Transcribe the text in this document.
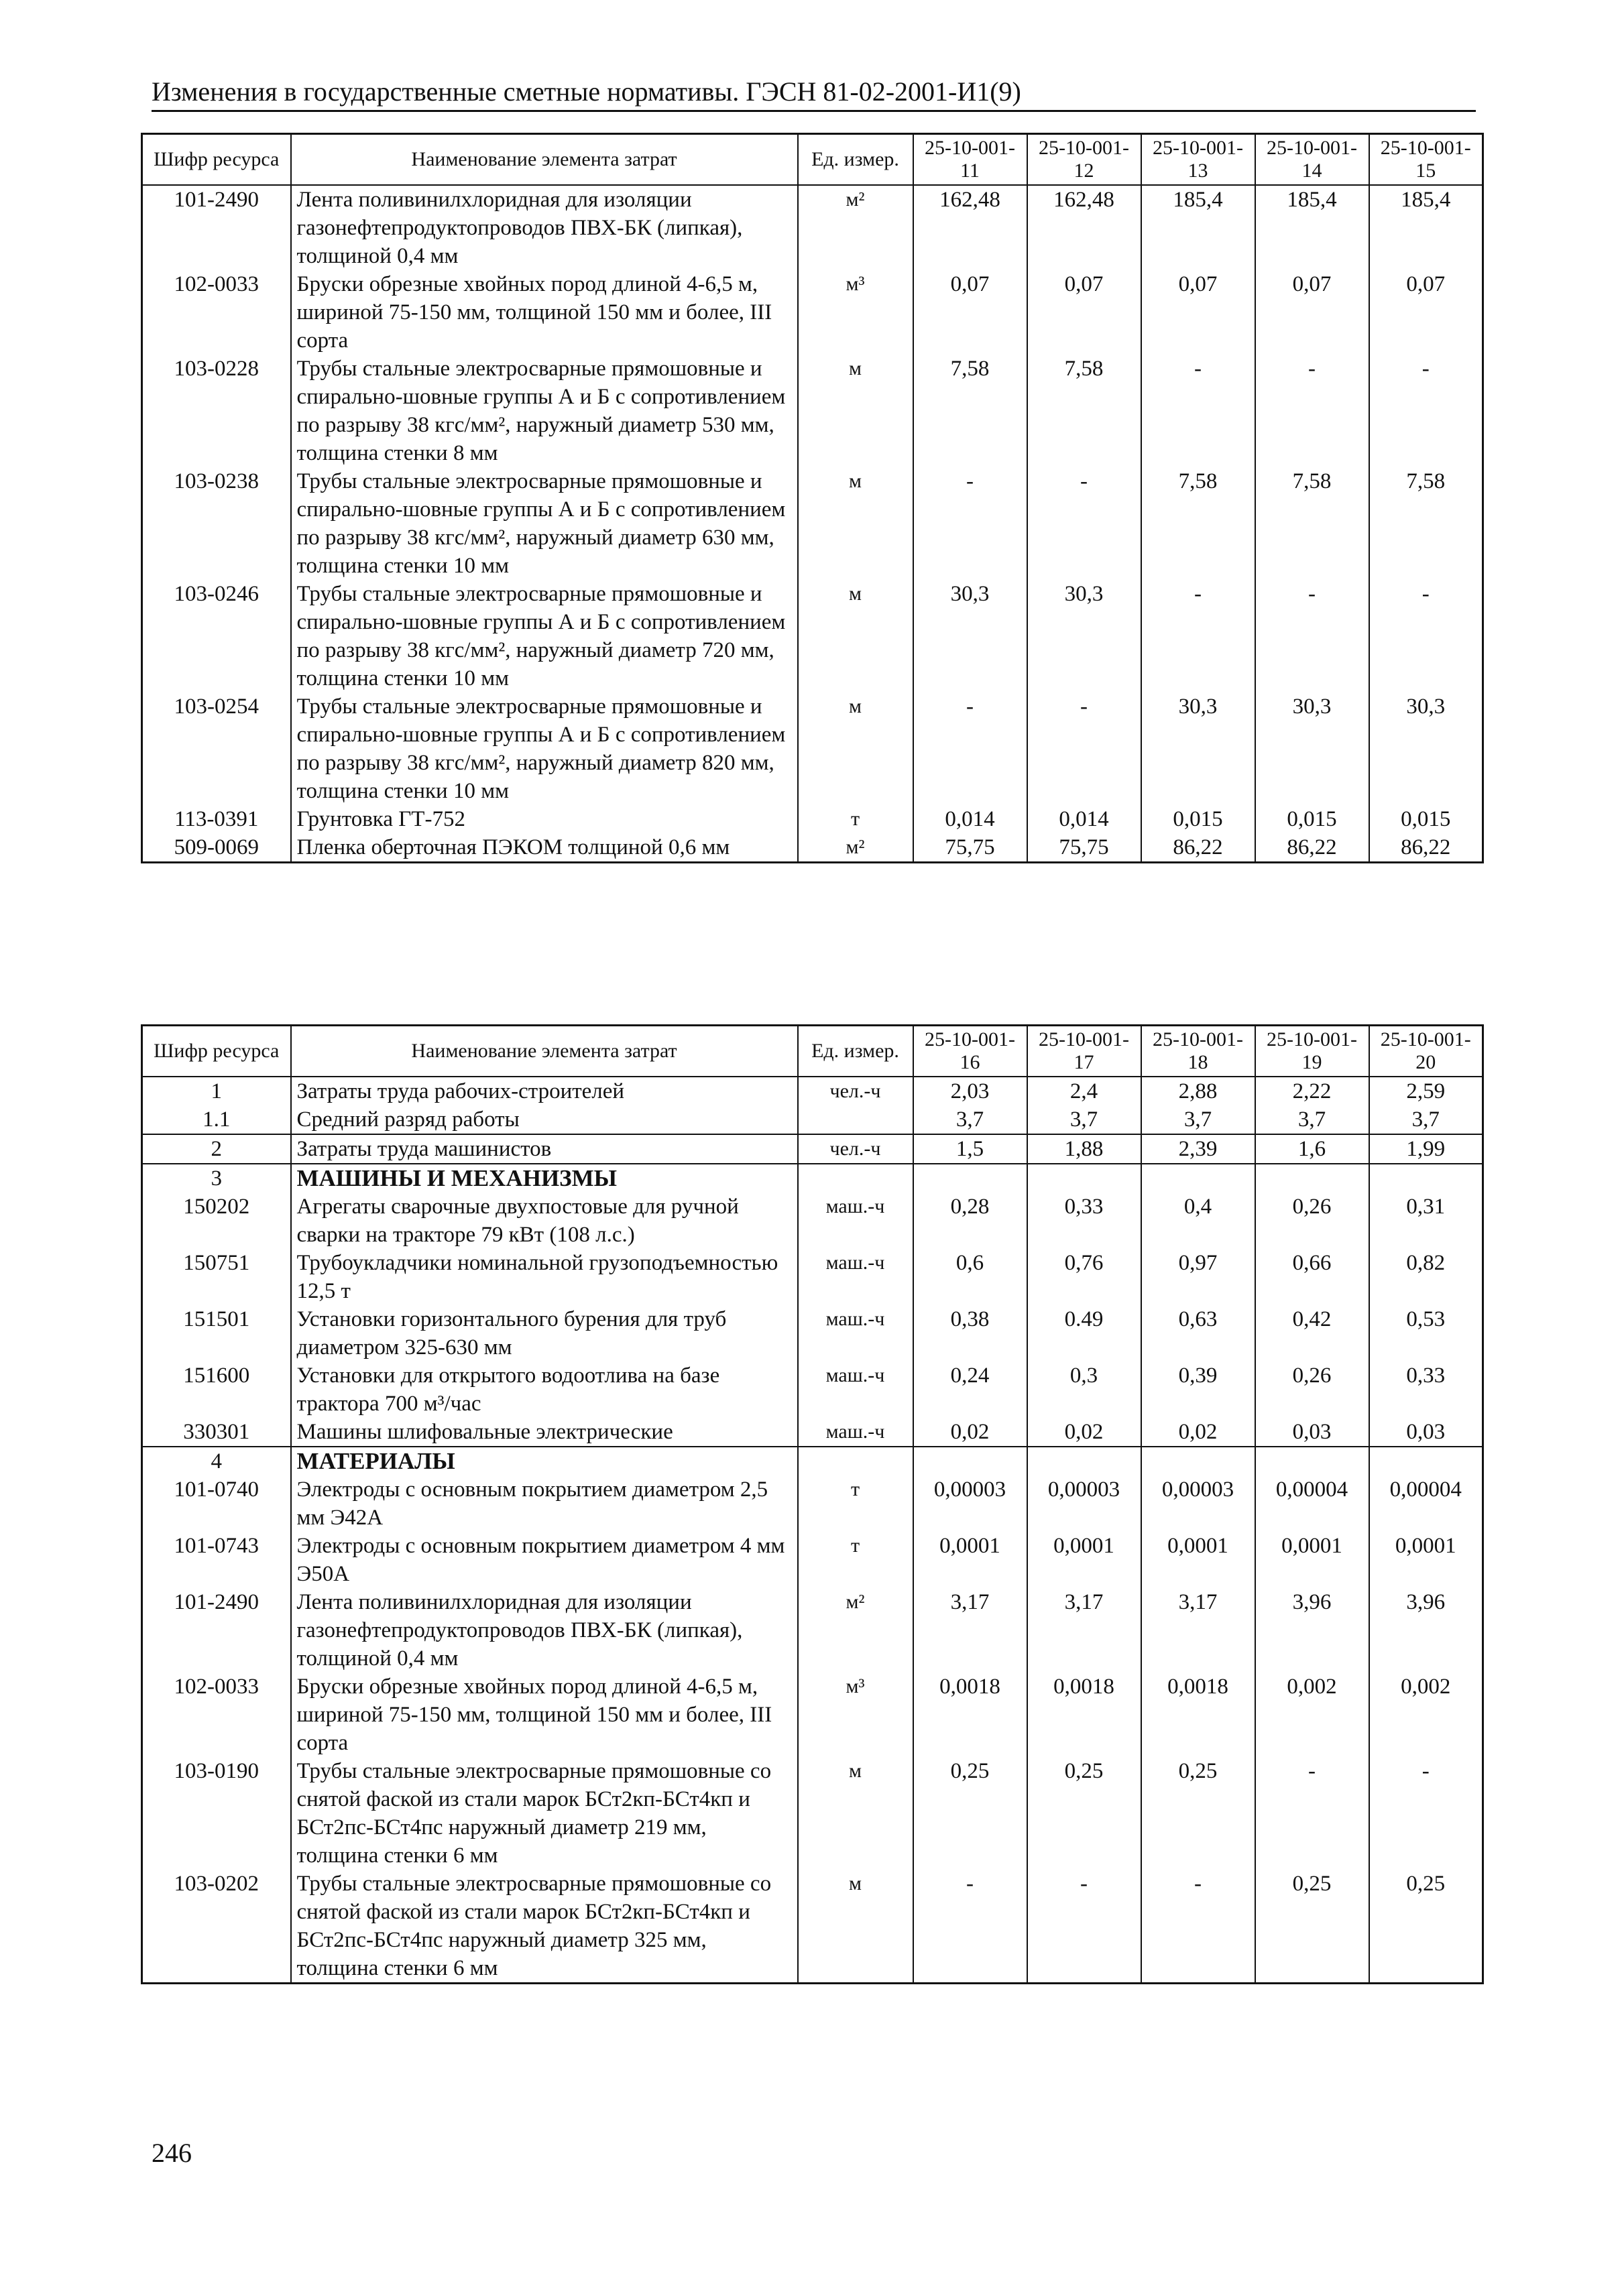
Изменения в государственные сметные нормативы. ГЭСН 81-02-2001-И1(9)
Шифр ресурса	Наименование элемента затрат	Ед. измер.	25-10-001-11	25-10-001-12	25-10-001-13	25-10-001-14	25-10-001-15
101-2490	Лента поливинилхлоридная для изоляции газонефтепродуктопроводов ПВХ-БК (липкая), толщиной 0,4 мм	м²	162,48	162,48	185,4	185,4	185,4
102-0033	Бруски обрезные хвойных пород длиной 4-6,5 м, шириной 75-150 мм, толщиной 150 мм и более, III сорта	м³	0,07	0,07	0,07	0,07	0,07
103-0228	Трубы стальные электросварные прямошовные и спирально-шовные группы А и Б с сопротивлением по разрыву 38 кгс/мм², наружный диаметр 530 мм, толщина стенки 8 мм	м	7,58	7,58	-	-	-
103-0238	Трубы стальные электросварные прямошовные и спирально-шовные группы А и Б с сопротивлением по разрыву 38 кгс/мм², наружный диаметр 630 мм, толщина стенки 10 мм	м	-	-	7,58	7,58	7,58
103-0246	Трубы стальные электросварные прямошовные и спирально-шовные группы А и Б с сопротивлением по разрыву 38 кгс/мм², наружный диаметр 720 мм, толщина стенки 10 мм	м	30,3	30,3	-	-	-
103-0254	Трубы стальные электросварные прямошовные и спирально-шовные группы А и Б с сопротивлением по разрыву 38 кгс/мм², наружный диаметр 820 мм, толщина стенки 10 мм	м	-	-	30,3	30,3	30,3
113-0391	Грунтовка ГТ-752	т	0,014	0,014	0,015	0,015	0,015
509-0069	Пленка оберточная ПЭКОМ толщиной 0,6 мм	м²	75,75	75,75	86,22	86,22	86,22
Шифр ресурса	Наименование элемента затрат	Ед. измер.	25-10-001-16	25-10-001-17	25-10-001-18	25-10-001-19	25-10-001-20
1	Затраты труда рабочих-строителей	чел.-ч	2,03	2,4	2,88	2,22	2,59
1.1	Средний разряд работы		3,7	3,7	3,7	3,7	3,7
2	Затраты труда машинистов	чел.-ч	1,5	1,88	2,39	1,6	1,99
3	МАШИНЫ И МЕХАНИЗМЫ						
150202	Агрегаты сварочные двухпостовые для ручной сварки на тракторе 79 кВт (108 л.с.)	маш.-ч	0,28	0,33	0,4	0,26	0,31
150751	Трубоукладчики номинальной грузоподъемностью 12,5 т	маш.-ч	0,6	0,76	0,97	0,66	0,82
151501	Установки горизонтального бурения для труб диаметром 325-630 мм	маш.-ч	0,38	0.49	0,63	0,42	0,53
151600	Установки для открытого водоотлива на базе трактора 700 м³/час	маш.-ч	0,24	0,3	0,39	0,26	0,33
330301	Машины шлифовальные электрические	маш.-ч	0,02	0,02	0,02	0,03	0,03
4	МАТЕРИАЛЫ						
101-0740	Электроды с основным покрытием диаметром 2,5 мм Э42А	т	0,00003	0,00003	0,00003	0,00004	0,00004
101-0743	Электроды с основным покрытием диаметром 4 мм Э50А	т	0,0001	0,0001	0,0001	0,0001	0,0001
101-2490	Лента поливинилхлоридная для изоляции газонефтепродуктопроводов ПВХ-БК (липкая), толщиной 0,4 мм	м²	3,17	3,17	3,17	3,96	3,96
102-0033	Бруски обрезные хвойных пород длиной 4-6,5 м, шириной 75-150 мм, толщиной 150 мм и более, III сорта	м³	0,0018	0,0018	0,0018	0,002	0,002
103-0190	Трубы стальные электросварные прямошовные со снятой фаской из стали марок БСт2кп-БСт4кп и БСт2пс-БСт4пс наружный диаметр 219 мм, толщина стенки 6 мм	м	0,25	0,25	0,25	-	-
103-0202	Трубы стальные электросварные прямошовные со снятой фаской из стали марок БСт2кп-БСт4кп и БСт2пс-БСт4пс наружный диаметр 325 мм, толщина стенки 6 мм	м	-	-	-	0,25	0,25
246
